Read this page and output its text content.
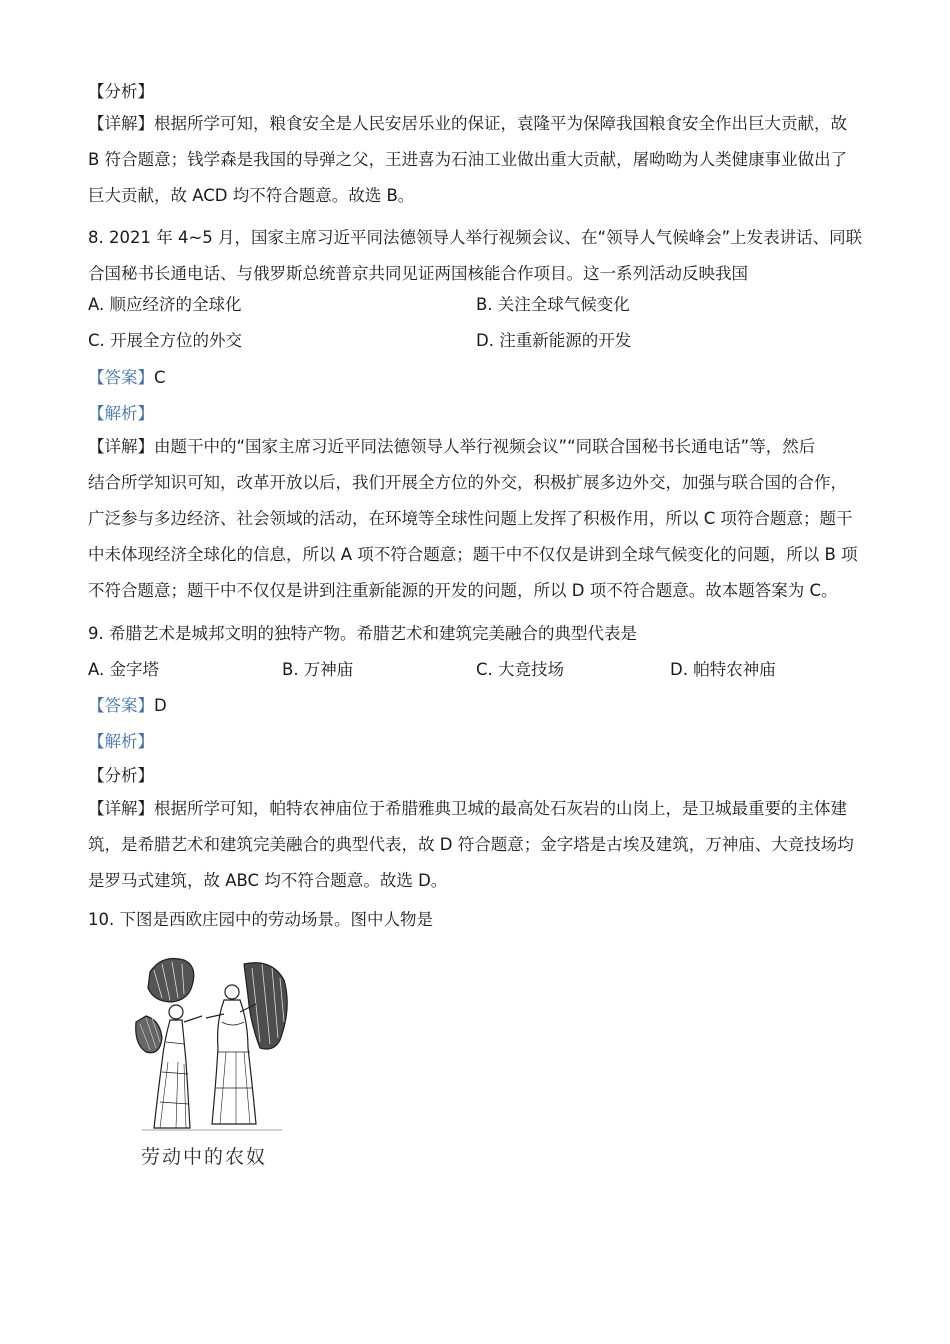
【分析】

【详解】根据所学可知，粮食安全是人民安居乐业的保证，袁隆平为保障我国粮食安全作出巨大贡献，故
B 符合题意；钱学森是我国的导弹之父，王进喜为石油工业做出重大贡献，屠呦呦为人类健康事业做出了
巨大贡献，故 ACD 均不符合题意。故选 B。

8. 2021 年 4~5 月，国家主席习近平同法德领导人举行视频会议、在“领导人气候峰会”上发表讲话、同联
合国秘书长通电话、与俄罗斯总统普京共同见证两国核能合作项目。这一系列活动反映我国

A. 顺应经济的全球化	B. 关注全球气候变化
C. 开展全方位的外交	D. 注重新能源的开发

【答案】C

【解析】

【详解】由题干中的“国家主席习近平同法德领导人举行视频会议”“同联合国秘书长通电话”等，然后
结合所学知识可知，改革开放以后，我们开展全方位的外交，积极扩展多边外交，加强与联合国的合作，
广泛参与多边经济、社会领域的活动，在环境等全球性问题上发挥了积极作用，所以 C 项符合题意；题干
中未体现经济全球化的信息，所以 A 项不符合题意；题干中不仅仅是讲到全球气候变化的问题，所以 B 项
不符合题意；题干中不仅仅是讲到注重新能源的开发的问题，所以 D 项不符合题意。故本题答案为 C。

9. 希腊艺术是城邦文明的独特产物。希腊艺术和建筑完美融合的典型代表是

A. 金字塔	B. 万神庙	C. 大竞技场	D. 帕特农神庙

【答案】D

【解析】

【分析】

【详解】根据所学可知，帕特农神庙位于希腊雅典卫城的最高处石灰岩的山岗上，是卫城最重要的主体建
筑，是希腊艺术和建筑完美融合的典型代表，故 D 符合题意；金字塔是古埃及建筑，万神庙、大竞技场均
是罗马式建筑，故 ABC 均不符合题意。故选 D。

10. 下图是西欧庄园中的劳动场景。图中人物是

劳动中的农奴
